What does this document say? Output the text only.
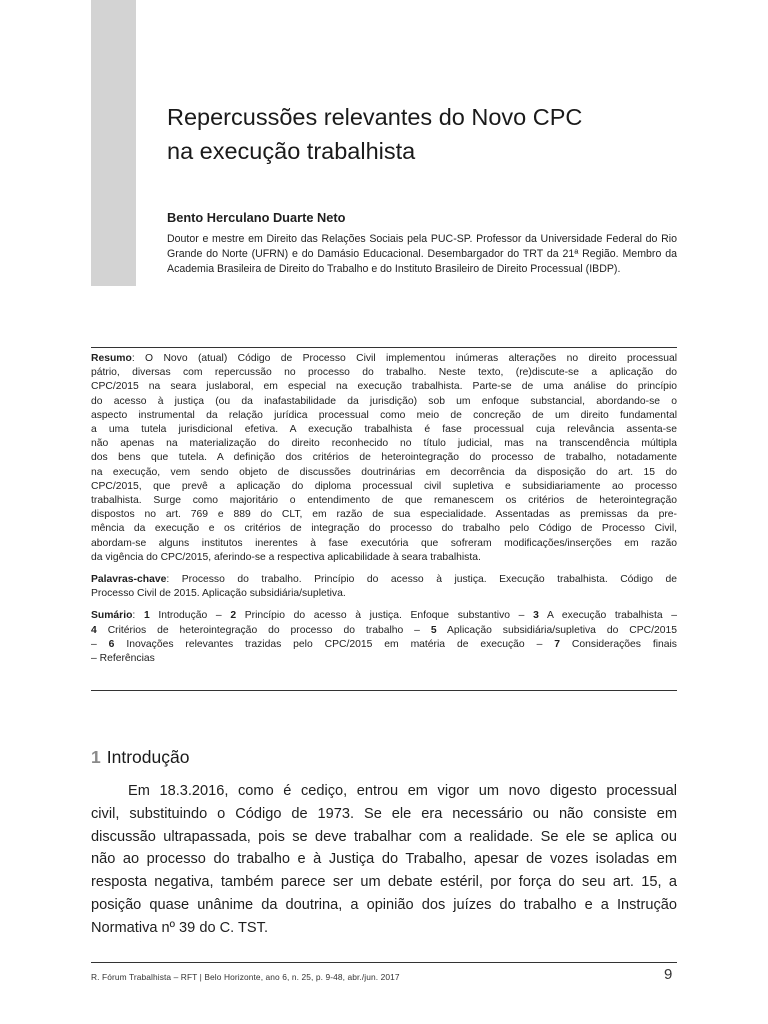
Repercussões relevantes do Novo CPC
na execução trabalhista

Bento Herculano Duarte Neto

Doutor e mestre em Direito das Relações Sociais pela PUC-SP. Professor da Universidade Federal do Rio Grande do Norte (UFRN) e do Damásio Educacional. Desembargador do TRT da 21ª Região. Membro da Academia Brasileira de Direito do Trabalho e do Instituto Brasileiro de Direito Processual (IBDP).

Resumo: O Novo (atual) Código de Processo Civil implementou inúmeras alterações no direito processual
pátrio, diversas com repercussão no processo do trabalho. Neste texto, (re)discute-se a aplicação do
CPC/2015 na seara juslaboral, em especial na execução trabalhista. Parte-se de uma análise do princípio
do acesso à justiça (ou da inafastabilidade da jurisdição) sob um enfoque substancial, abordando-se o
aspecto instrumental da relação jurídica processual como meio de concreção de um direito fundamental
a uma tutela jurisdicional efetiva. A execução trabalhista é fase processual cuja relevância assenta-se
não apenas na materialização do direito reconhecido no título judicial, mas na transcendência múltipla
dos bens que tutela. A definição dos critérios de heterointegração do processo de trabalho, notadamente
na execução, vem sendo objeto de discussões doutrinárias em decorrência da disposição do art. 15 do
CPC/2015, que prevê a aplicação do diploma processual civil supletiva e subsidiariamente ao processo
trabalhista. Surge como majoritário o entendimento de que remanescem os critérios de heterointegração
dispostos no art. 769 e 889 do CLT, em razão de sua especialidade. Assentadas as premissas da pre-
mência da execução e os critérios de integração do processo do trabalho pelo Código de Processo Civil,
abordam-se alguns institutos inerentes à fase executória que sofreram modificações/inserções em razão
da vigência do CPC/2015, aferindo-se a respectiva aplicabilidade à seara trabalhista.

Palavras-chave: Processo do trabalho. Princípio do acesso à justiça. Execução trabalhista. Código de
Processo Civil de 2015. Aplicação subsidiária/supletiva.

Sumário: 1 Introdução – 2 Princípio do acesso à justiça. Enfoque substantivo – 3 A execução trabalhista –
4 Critérios de heterointegração do processo do trabalho – 5 Aplicação subsidiária/supletiva do CPC/2015
– 6 Inovações relevantes trazidas pelo CPC/2015 em matéria de execução – 7 Considerações finais
– Referências

1 Introdução
Em 18.3.2016, como é cediço, entrou em vigor um novo digesto processual
civil, substituindo o Código de 1973. Se ele era necessário ou não consiste em
discussão ultrapassada, pois se deve trabalhar com a realidade. Se ele se aplica ou
não ao processo do trabalho e à Justiça do Trabalho, apesar de vozes isoladas em
resposta negativa, também parece ser um debate estéril, por força do seu art. 15, a
posição quase unânime da doutrina, a opinião dos juízes do trabalho e a Instrução
Normativa nº 39 do C. TST.
R. Fórum Trabalhista – RFT | Belo Horizonte, ano 6, n. 25, p. 9-48, abr./jun. 2017	9
